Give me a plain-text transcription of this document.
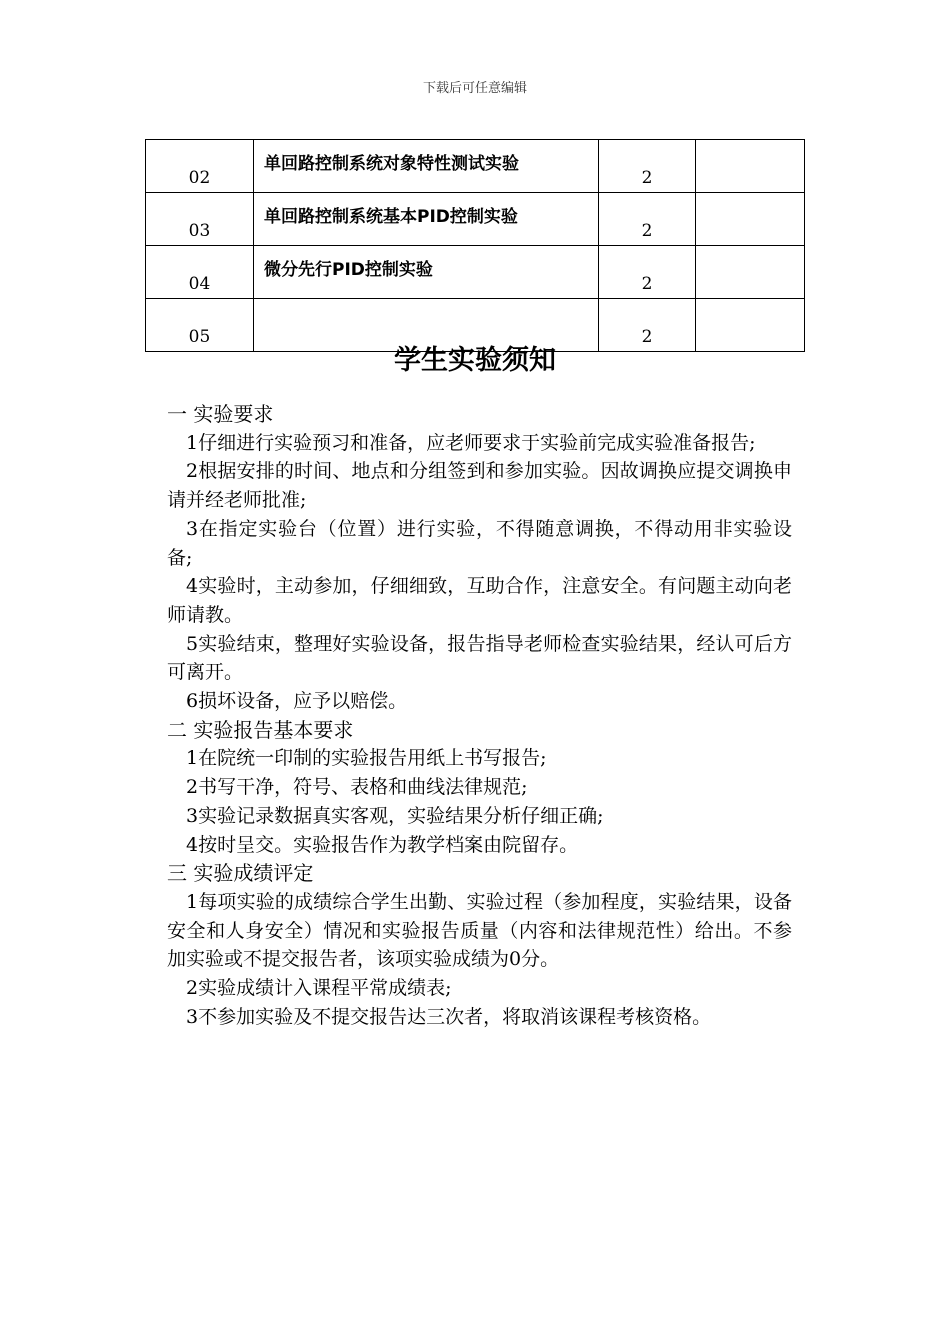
下载后可任意编辑
02	单回路控制系统对象特性测试实验	2	
03	单回路控制系统基本PID控制实验	2	
04	微分先行PID控制实验	2	
05		2	
学生实验须知
一 实验要求
1仔细进行实验预习和准备，应老师要求于实验前完成实验准备报告;
2根据安排的时间、地点和分组签到和参加实验。因故调换应提交调换申请并经老师批准;
3在指定实验台（位置）进行实验，不得随意调换，不得动用非实验设备;
4实验时，主动参加，仔细细致，互助合作，注意安全。有问题主动向老师请教。
5实验结束，整理好实验设备，报告指导老师检查实验结果，经认可后方可离开。
6损坏设备，应予以赔偿。
二 实验报告基本要求
1在院统一印制的实验报告用纸上书写报告;
2书写干净，符号、表格和曲线法律规范;
3实验记录数据真实客观，实验结果分析仔细正确;
4按时呈交。实验报告作为教学档案由院留存。
三 实验成绩评定
1每项实验的成绩综合学生出勤、实验过程（参加程度，实验结果，设备安全和人身安全）情况和实验报告质量（内容和法律规范性）给出。不参加实验或不提交报告者，该项实验成绩为0分。
2实验成绩计入课程平常成绩表;
3不参加实验及不提交报告达三次者，将取消该课程考核资格。
